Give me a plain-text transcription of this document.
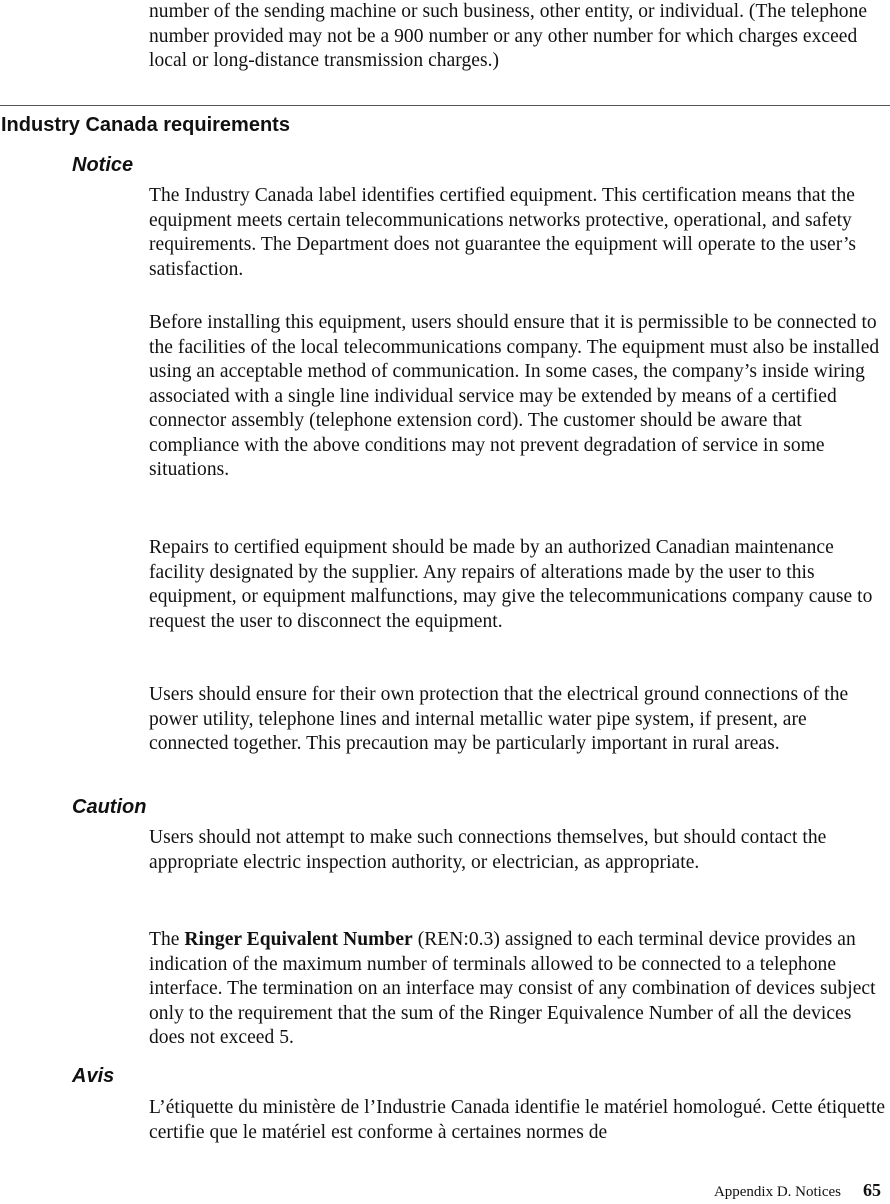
number of the sending machine or such business, other entity, or individual. (The telephone number provided may not be a 900 number or any other number for which charges exceed local or long-distance transmission charges.)

Industry Canada requirements
Notice

The Industry Canada label identifies certified equipment. This certification means that the equipment meets certain telecommunications networks protective, operational, and safety requirements. The Department does not guarantee the equipment will operate to the user’s satisfaction.

Before installing this equipment, users should ensure that it is permissible to be connected to the facilities of the local telecommunications company. The equipment must also be installed using an acceptable method of communication. In some cases, the company’s inside wiring associated with a single line individual service may be extended by means of a certified connector assembly (telephone extension cord). The customer should be aware that compliance with the above conditions may not prevent degradation of service in some situations.

Repairs to certified equipment should be made by an authorized Canadian maintenance facility designated by the supplier. Any repairs of alterations made by the user to this equipment, or equipment malfunctions, may give the telecommunications company cause to request the user to disconnect the equipment.

Users should ensure for their own protection that the electrical ground connections of the power utility, telephone lines and internal metallic water pipe system, if present, are connected together. This precaution may be particularly important in rural areas.

Caution

Users should not attempt to make such connections themselves, but should contact the appropriate electric inspection authority, or electrician, as appropriate.

The Ringer Equivalent Number (REN:0.3) assigned to each terminal device provides an indication of the maximum number of terminals allowed to be connected to a telephone interface. The termination on an interface may consist of any combination of devices subject only to the requirement that the sum of the Ringer Equivalence Number of all the devices does not exceed 5.

Avis

L’étiquette du ministère de l’Industrie Canada identifie le matériel homologué. Cette étiquette certifie que le matériel est conforme à certaines normes de

Appendix D. Notices 65
